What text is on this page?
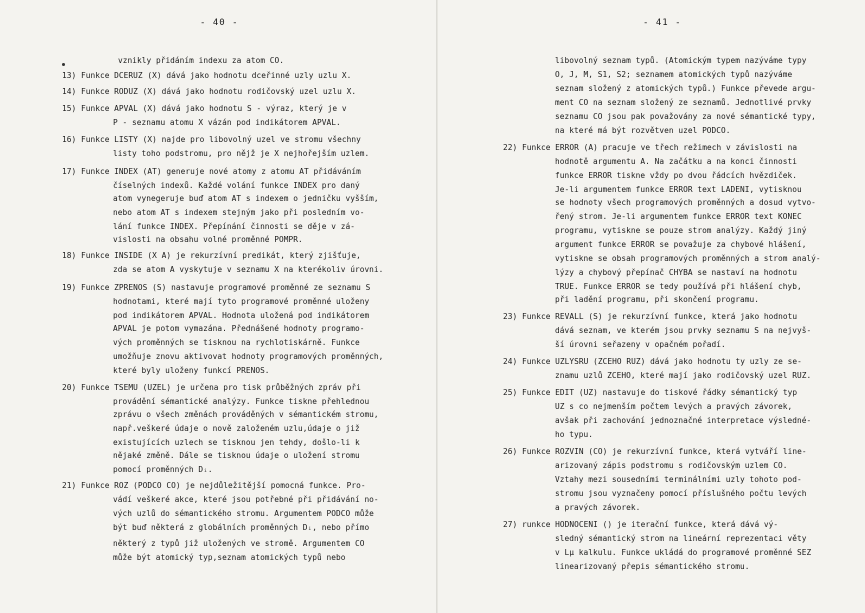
- 40 -
vznikly přidáním indexu za atom CO.
13) Funkce DCERUZ (X) dává jako hodnotu dceřinné uzly uzlu X.
14) Funkce RODUZ (X) dává jako hodnotu rodičovský uzel uzlu X.
15) Funkce APVAL (X) dává jako hodnotu S - výraz, který je v
P - seznamu atomu X vázán pod indikátorem APVAL.
16) Funkce LISTY (X) najde pro libovolný uzel ve stromu všechny
listy toho podstromu, pro nějž je X nejhořejším uzlem.
17) Funkce INDEX (AT) generuje nové atomy z atomu AT přidáváním
číselných indexů. Každé volání funkce INDEX pro daný
atom vynegeruje buď atom AT s indexem o jedničku vyšším,
nebo atom AT s indexem stejným jako při posledním vo-
lání funkce INDEX. Přepínání činnosti se děje v zá-
vislosti na obsahu volné proměnné POMPR.
18) Funkce INSIDE (X A) je rekurzívní predikát, který zjišťuje,
zda se atom A vyskytuje v seznamu X na kterékoliv úrovni.
19) Funkce ZPRENOS (S) nastavuje programové proměnné ze seznamu S
hodnotami, které mají tyto programové proměnné uloženy
pod indikátorem APVAL. Hodnota uložená pod indikátorem
APVAL je potom vymazána. Přednášené hodnoty programo-
vých proměnných se tisknou na rychlotiskárně. Funkce
umožňuje znovu aktivovat hodnoty programových proměnných,
které byly uloženy funkcí PRENOS.
20) Funkce TSEMU (UZEL) je určena pro tisk průběžných zpráv při
provádění sémantické analýzy. Funkce tiskne přehlednou
zprávu o všech změnách prováděných v sémantickém stromu,
např.veškeré údaje o nově založeném uzlu,údaje o již
existujících uzlech se tisknou jen tehdy, došlo-li k
nějaké změně. Dále se tisknou údaje o uložení stromu
pomocí proměnných Dᵢ.
21) Funkce ROZ (PODCO CO) je nejdůležitější pomocná funkce. Pro-
vádí veškeré akce, které jsou potřebné při přidávání no-
vých uzlů do sémantického stromu. Argumentem PODCO může
být buď některá z globálních proměnných Dᵢ, nebo přímo
některý z typů již uložených ve stromě. Argumentem CO
může být atomický typ,seznam atomických typů nebo
- 41 -
libovolný seznam typů. (Atomickým typem nazýváme typy
O, J, M, S1, S2; seznamem atomických typů nazýváme
seznam složený z atomických typů.) Funkce převede argu-
ment CO na seznam složený ze seznamů. Jednotlivé prvky
seznamu CO jsou pak považovány za nové sémantické typy,
na které má být rozvětven uzel PODCO.
22) Funkce ERROR (A) pracuje ve třech režimech v závislosti na
hodnotě argumentu A. Na začátku a na konci činnosti
funkce ERROR tiskne vždy po dvou řádcích hvězdiček.
Je-li argumentem funkce ERROR text LADENI, vytisknou
se hodnoty všech programových proměnných a dosud vytvo-
řený strom. Je-li argumentem funkce ERROR text KONEC
programu, vytiskne se pouze strom analýzy. Každý jiný
argument funkce ERROR se považuje za chybové hlášení,
vytiskne se obsah programových proměnných a strom analý-
lýzy a chybový přepínač CHYBA se nastaví na hodnotu
TRUE. Funkce ERROR se tedy používá při hlášení chyb,
při ladění programu, při skončení programu.
23) Funkce REVALL (S) je rekurzívní funkce, která jako hodnotu
dává seznam, ve kterém jsou prvky seznamu S na nejvyš-
ší úrovni seřazeny v opačném pořadí.
24) Funkce UZLYSRU (ZCEHO RUZ) dává jako hodnotu ty uzly ze se-
znamu uzlů ZCEHO, které mají jako rodičovský uzel RUZ.
25) Funkce EDIT (UZ) nastavuje do tiskové řádky sémantický typ
UZ s co nejmenším počtem levých a pravých závorek,
avšak při zachování jednoznačné interpretace výsledné-
ho typu.
26) Funkce ROZVIN (CO) je rekurzívní funkce, která vytváří line-
arizovaný zápis podstromu s rodičovským uzlem CO.
Vztahy mezi sousedními terminálními uzly tohoto pod-
stromu jsou vyznačeny pomocí příslušného počtu levých
a pravých závorek.
27) runkce HODNOCENI () je iterační funkce, která dává vý-
sledný sémantický strom na lineární reprezentaci věty
v Lμ kalkulu. Funkce ukládá do programové proměnné SEZ
linearizovaný přepis sémantického stromu.
